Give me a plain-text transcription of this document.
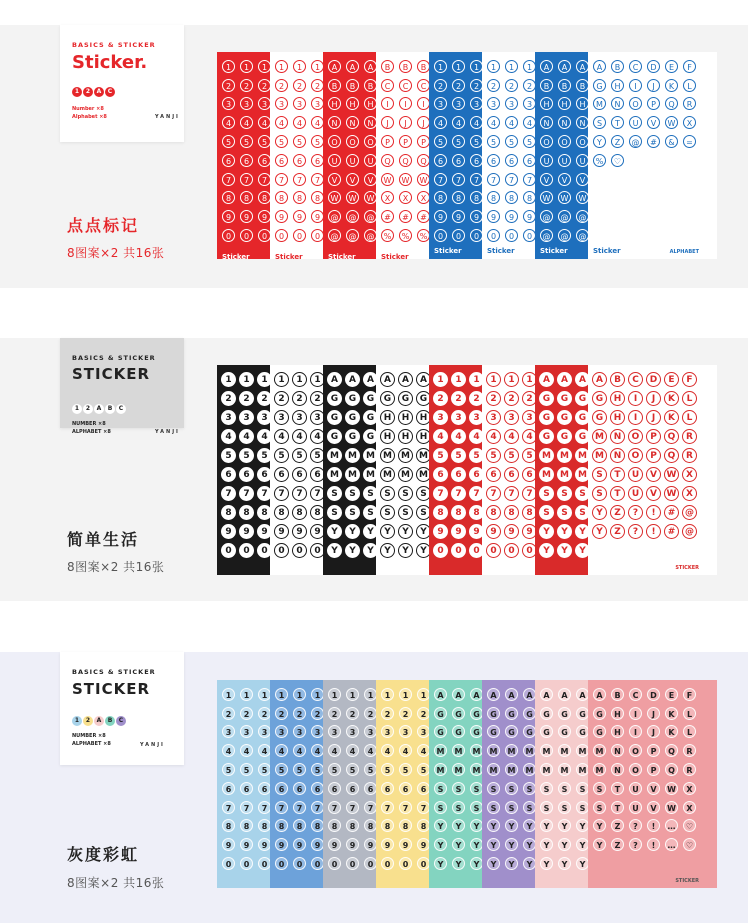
BASICS & STICKER
Sticker.
1	2	A	C
Number ×8
Alphabet ×8	YANJI
点点标记
8图案×2 共16张
1	1	1
2	2	2
3	3	3
4	4	4
5	5	5
6	6	6
7	7	7
8	8	8
9	9	9
0	0	0
Sticker
1	1	1
2	2	2
3	3	3
4	4	4
5	5	5
6	6	6
7	7	7
8	8	8
9	9	9
0	0	0
Sticker
A	A	A
B	B	B
H	H	H
N	N	N
O	O	O
U	U	U
V	V	V
W	W	W
@	@	@
@	@	@
Sticker
B	B	B
C	C	C
I	I	I
J	J	J
P	P	P
Q	Q	Q
W	W	W
X	X	X
#	#	#
%	%	%
Sticker
1	1	1
2	2	2
3	3	3
4	4	4
5	5	5
6	6	6
7	7	7
8	8	8
9	9	9
0	0	0
Sticker
1	1	1
2	2	2
3	3	3
4	4	4
5	5	5
6	6	6
7	7	7
8	8	8
9	9	9
0	0	0
Sticker
A	A	A
B	B	B
H	H	H
N	N	N
O	O	O
U	U	U
V	V	V
W	W	W
@	@	@
@	@	@
Sticker
A	B	C	D	E	F
G	H	I	J	K	L
M	N	O	P	Q	R
S	T	U	V	W	X
Y	Z	@	#	&	=
%	♡
Sticker	ALPHABET
BASICS & STICKER
STICKER
1	2	A	B	C
NUMBER ×8
ALPHABET ×8	YANJI
简单生活
8图案×2 共16张
1	1	1
2	2	2
3	3	3
4	4	4
5	5	5
6	6	6
7	7	7
8	8	8
9	9	9
0	0	0
1	1	1
2	2	2
3	3	3
4	4	4
5	5	5
6	6	6
7	7	7
8	8	8
9	9	9
0	0	0
A	A	A
G	G	G
G	G	G
G	G	G
M	M	M
M	M	M
S	S	S
S	S	S
Y	Y	Y
Y	Y	Y
A	A	A
G	G	G
H	H	H
H	H	H
M	M	M
M	M	M
S	S	S
S	S	S
Y	Y	Y
Y	Y	Y
1	1	1
2	2	2
3	3	3
4	4	4
5	5	5
6	6	6
7	7	7
8	8	8
9	9	9
0	0	0
1	1	1
2	2	2
3	3	3
4	4	4
5	5	5
6	6	6
7	7	7
8	8	8
9	9	9
0	0	0
A	A	A
G	G	G
G	G	G
G	G	G
M	M	M
M	M	M
S	S	S
S	S	S
Y	Y	Y
Y	Y	Y
A	B	C	D	E	F
G	H	I	J	K	L
G	H	I	J	K	L
M	N	O	P	Q	R
M	N	O	P	Q	R
S	T	U	V	W	X
S	T	U	V	W	X
Y	Z	?	!	#	@
Y	Z	?	!	#	@
STICKER
BASICS & STICKER
STICKER
1	2	A	B	C
NUMBER ×8
ALPHABET ×8	YANJI
灰度彩虹
8图案×2 共16张
1	1	1
2	2	2
3	3	3
4	4	4
5	5	5
6	6	6
7	7	7
8	8	8
9	9	9
0	0	0
1	1	1
2	2	2
3	3	3
4	4	4
5	5	5
6	6	6
7	7	7
8	8	8
9	9	9
0	0	0
1	1	1
2	2	2
3	3	3
4	4	4
5	5	5
6	6	6
7	7	7
8	8	8
9	9	9
0	0	0
1	1	1
2	2	2
3	3	3
4	4	4
5	5	5
6	6	6
7	7	7
8	8	8
9	9	9
0	0	0
A	A	A
G	G	G
G	G	G
M	M	M
M	M	M
S	S	S
S	S	S
Y	Y	Y
Y	Y	Y
Y	Y	Y
A	A	A
G	G	G
G	G	G
M	M	M
M	M	M
S	S	S
S	S	S
Y	Y	Y
Y	Y	Y
Y	Y	Y
A	A	A
G	G	G
G	G	G
M	M	M
M	M	M
S	S	S
S	S	S
Y	Y	Y
Y	Y	Y
Y	Y	Y
A	B	C	D	E	F
G	H	I	J	K	L
G	H	I	J	K	L
M	N	O	P	Q	R
M	N	O	P	Q	R
S	T	U	V	W	X
S	T	U	V	W	X
Y	Z	?	!	…	♡
Y	Z	?	!	…	♡
STICKER
